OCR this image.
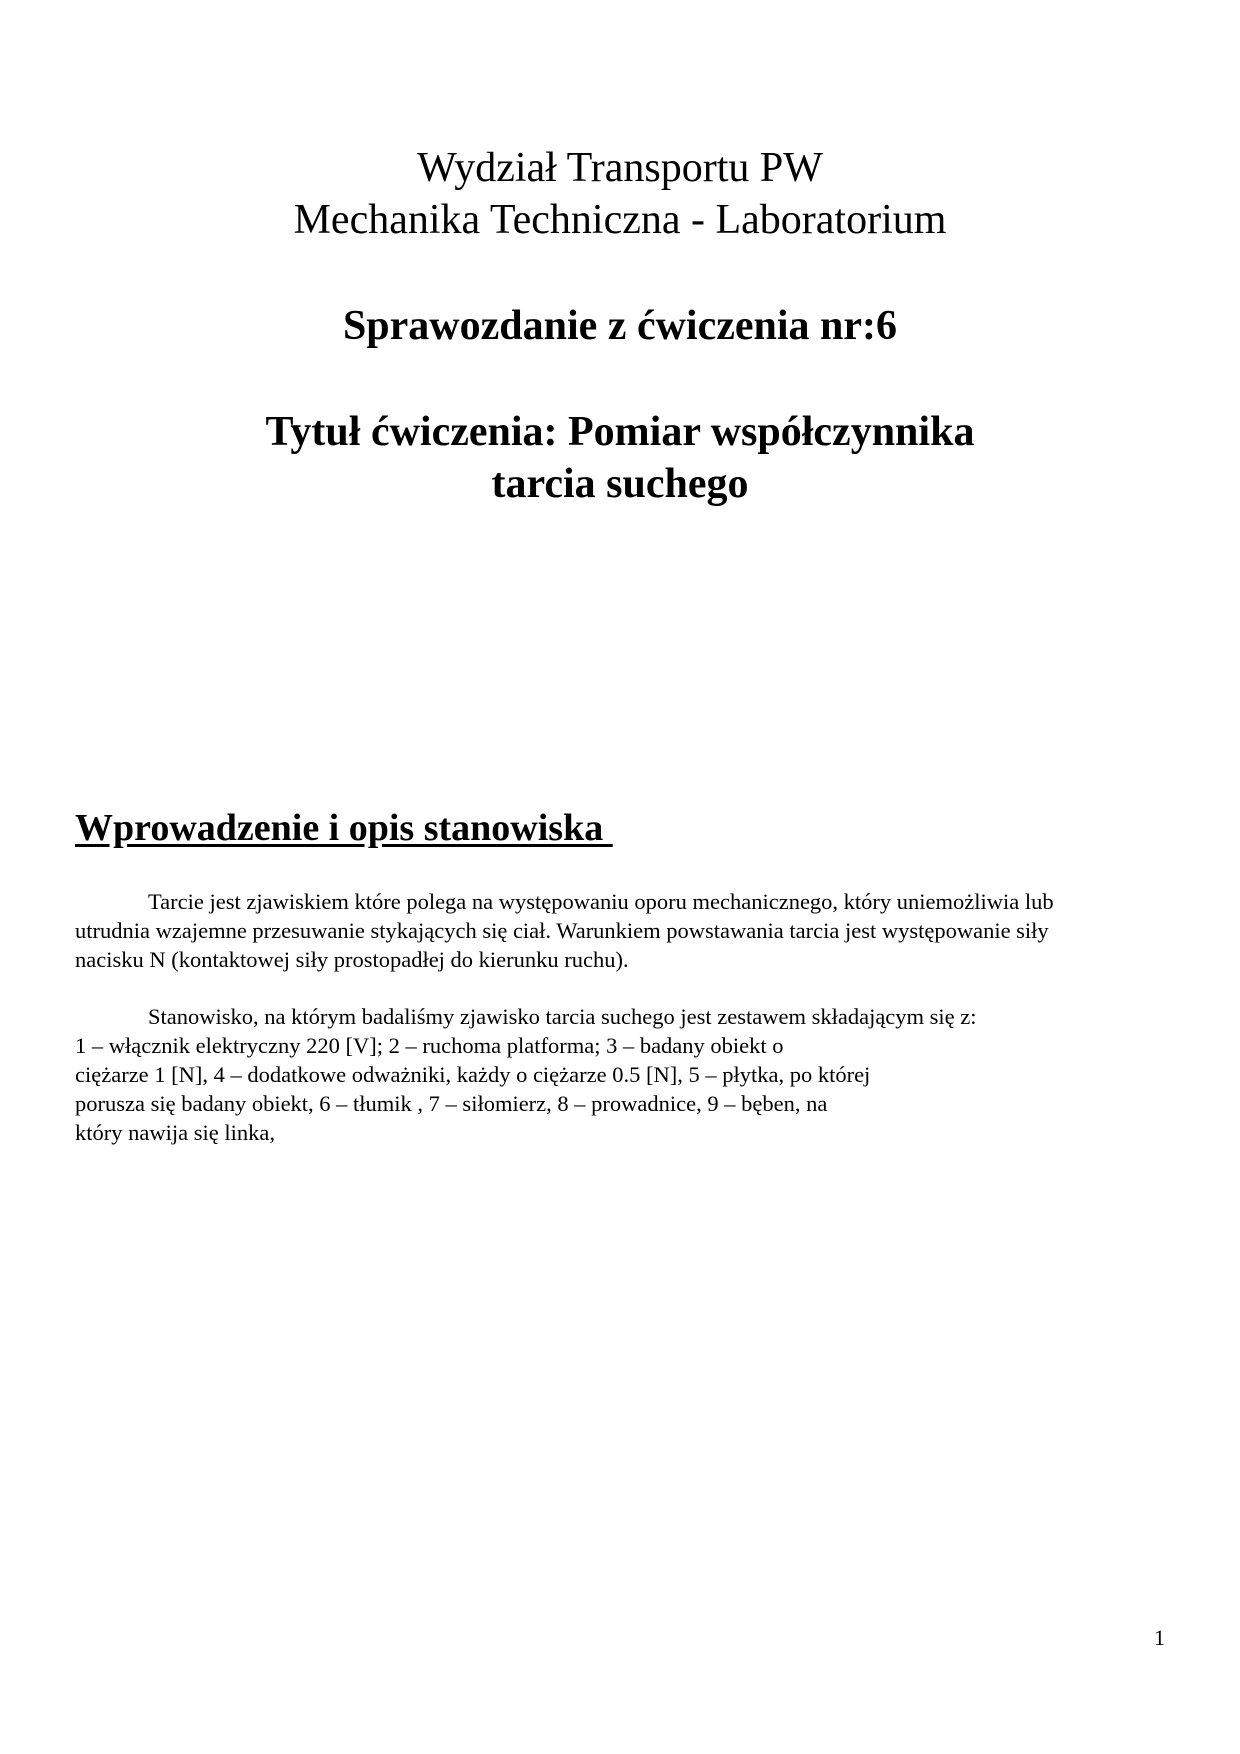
Wydział Transportu PW
Mechanika Techniczna - Laboratorium
Sprawozdanie z ćwiczenia nr:6
Tytuł ćwiczenia: Pomiar współczynnika
tarcia suchego
Wprowadzenie i opis stanowiska
Tarcie jest zjawiskiem które polega na występowaniu oporu mechanicznego, który uniemożliwia lub
utrudnia wzajemne przesuwanie stykających się ciał. Warunkiem powstawania tarcia jest występowanie siły
nacisku N (kontaktowej siły prostopadłej do kierunku ruchu).
Stanowisko, na którym badaliśmy zjawisko tarcia suchego jest zestawem składającym się z:
1 – włącznik elektryczny 220 [V]; 2 – ruchoma platforma; 3 – badany obiekt o
ciężarze 1 [N], 4 – dodatkowe odważniki, każdy o ciężarze 0.5 [N], 5 – płytka, po której
porusza się badany obiekt, 6 – tłumik , 7 – siłomierz, 8 – prowadnice, 9 – bęben, na
który nawija się linka,
1
